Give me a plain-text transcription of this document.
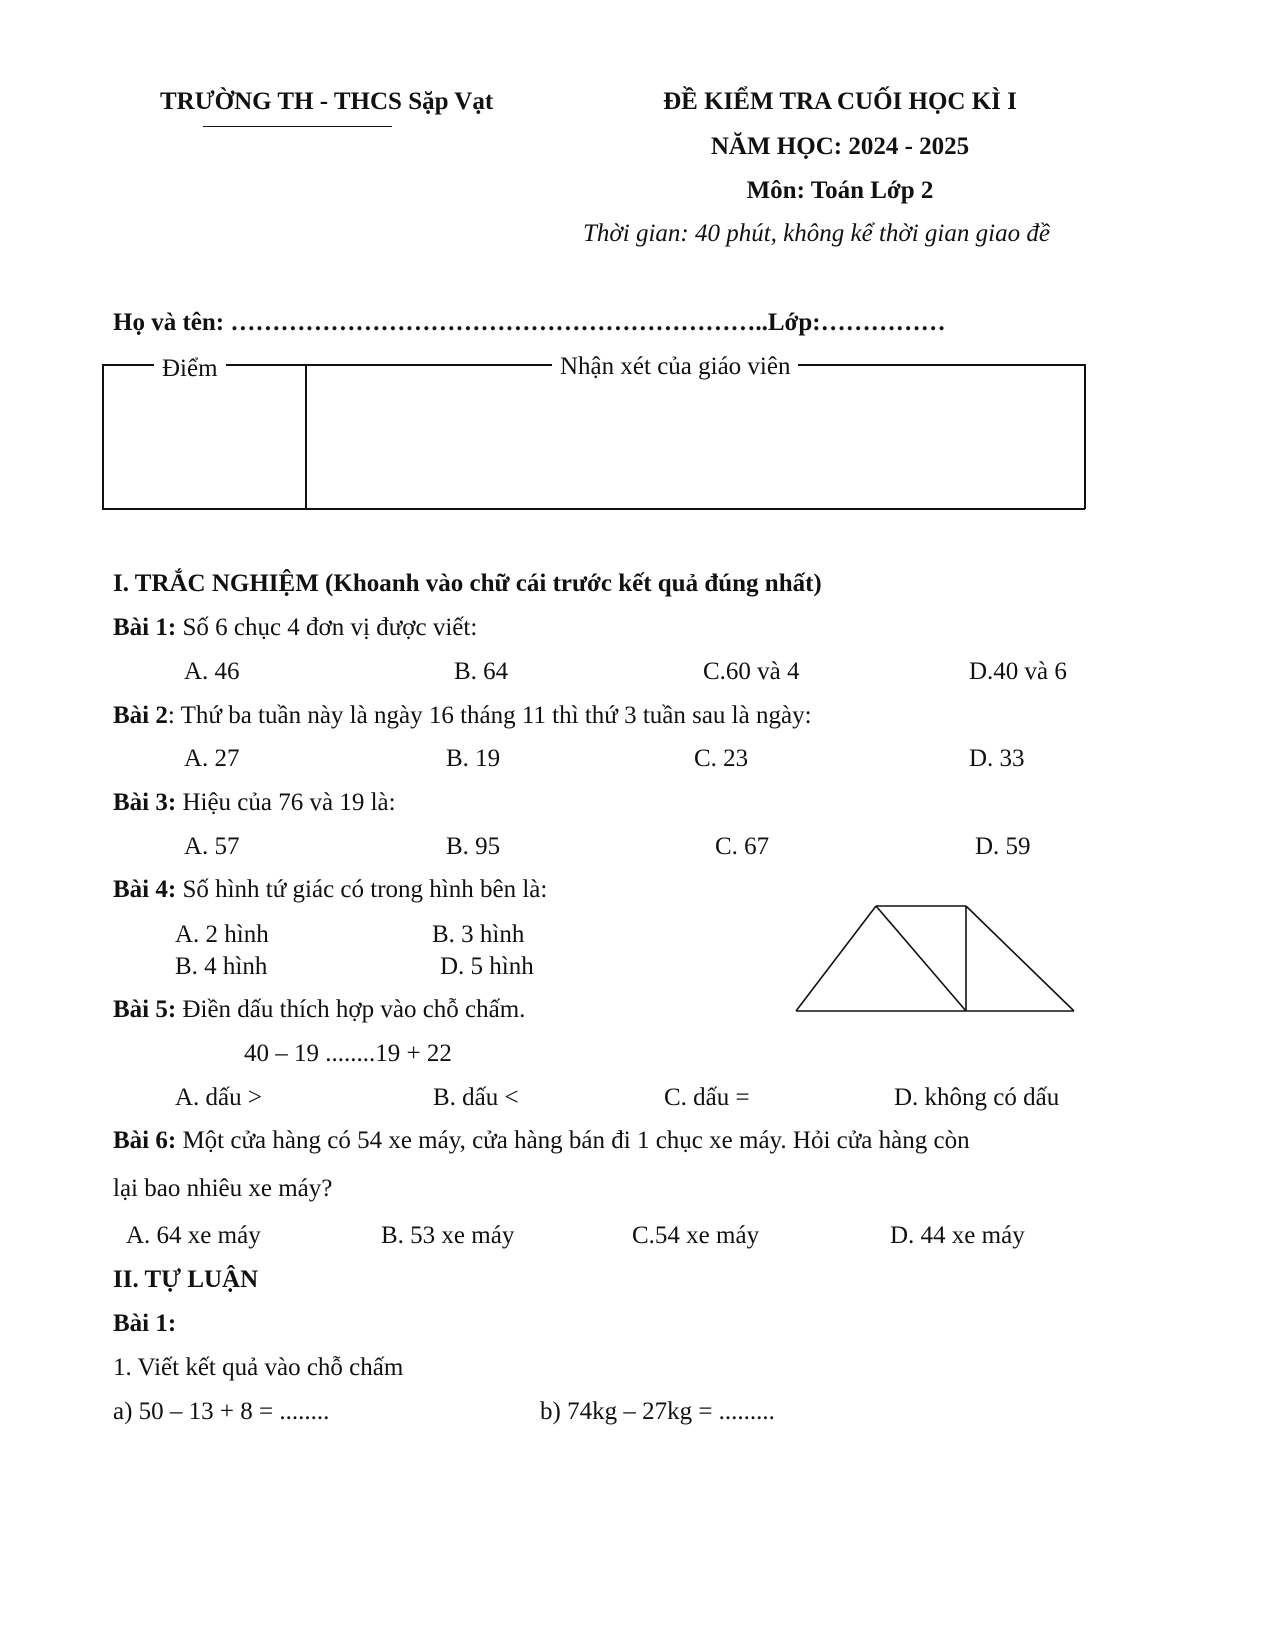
TRƯỜNG TH - THCS Sặp Vạt	ĐỀ KIỂM TRA CUỐI HỌC KÌ I
NĂM HỌC: 2024 - 2025
Môn: Toán Lớp 2
Thời gian: 40 phút, không kể thời gian giao đề
Họ và tên: ………………………………………………………..Lớp:……………
Điểm	Nhận xét của giáo viên
I. TRẮC NGHIỆM (Khoanh vào chữ cái trước kết quả đúng nhất)
Bài 1: Số 6 chục 4 đơn vị được viết:
A. 46	B. 64	C.60 và 4	D.40 và 6
Bài 2: Thứ ba tuần này là ngày 16 tháng 11 thì thứ 3 tuần sau là ngày:
A. 27	B. 19	C. 23	D. 33
Bài 3: Hiệu của 76 và 19 là:
A. 57	B. 95	C. 67	D. 59
Bài 4: Số hình tứ giác có trong hình bên là:
A. 2 hình	B. 3 hình
B. 4 hình	D. 5 hình
Bài 5: Điền dấu thích hợp vào chỗ chấm.
40 – 19 ........19 + 22
A. dấu >	B. dấu <	C. dấu =	D. không có dấu
Bài 6: Một cửa hàng có 54 xe máy, cửa hàng bán đi 1 chục xe máy. Hỏi cửa hàng còn
lại bao nhiêu xe máy?
A. 64 xe máy	B. 53 xe máy	C.54 xe máy	D. 44 xe máy
II. TỰ LUẬN
Bài 1:
1. Viết kết quả vào chỗ chấm
a) 50 – 13 + 8 = ........	b) 74kg – 27kg = .........
